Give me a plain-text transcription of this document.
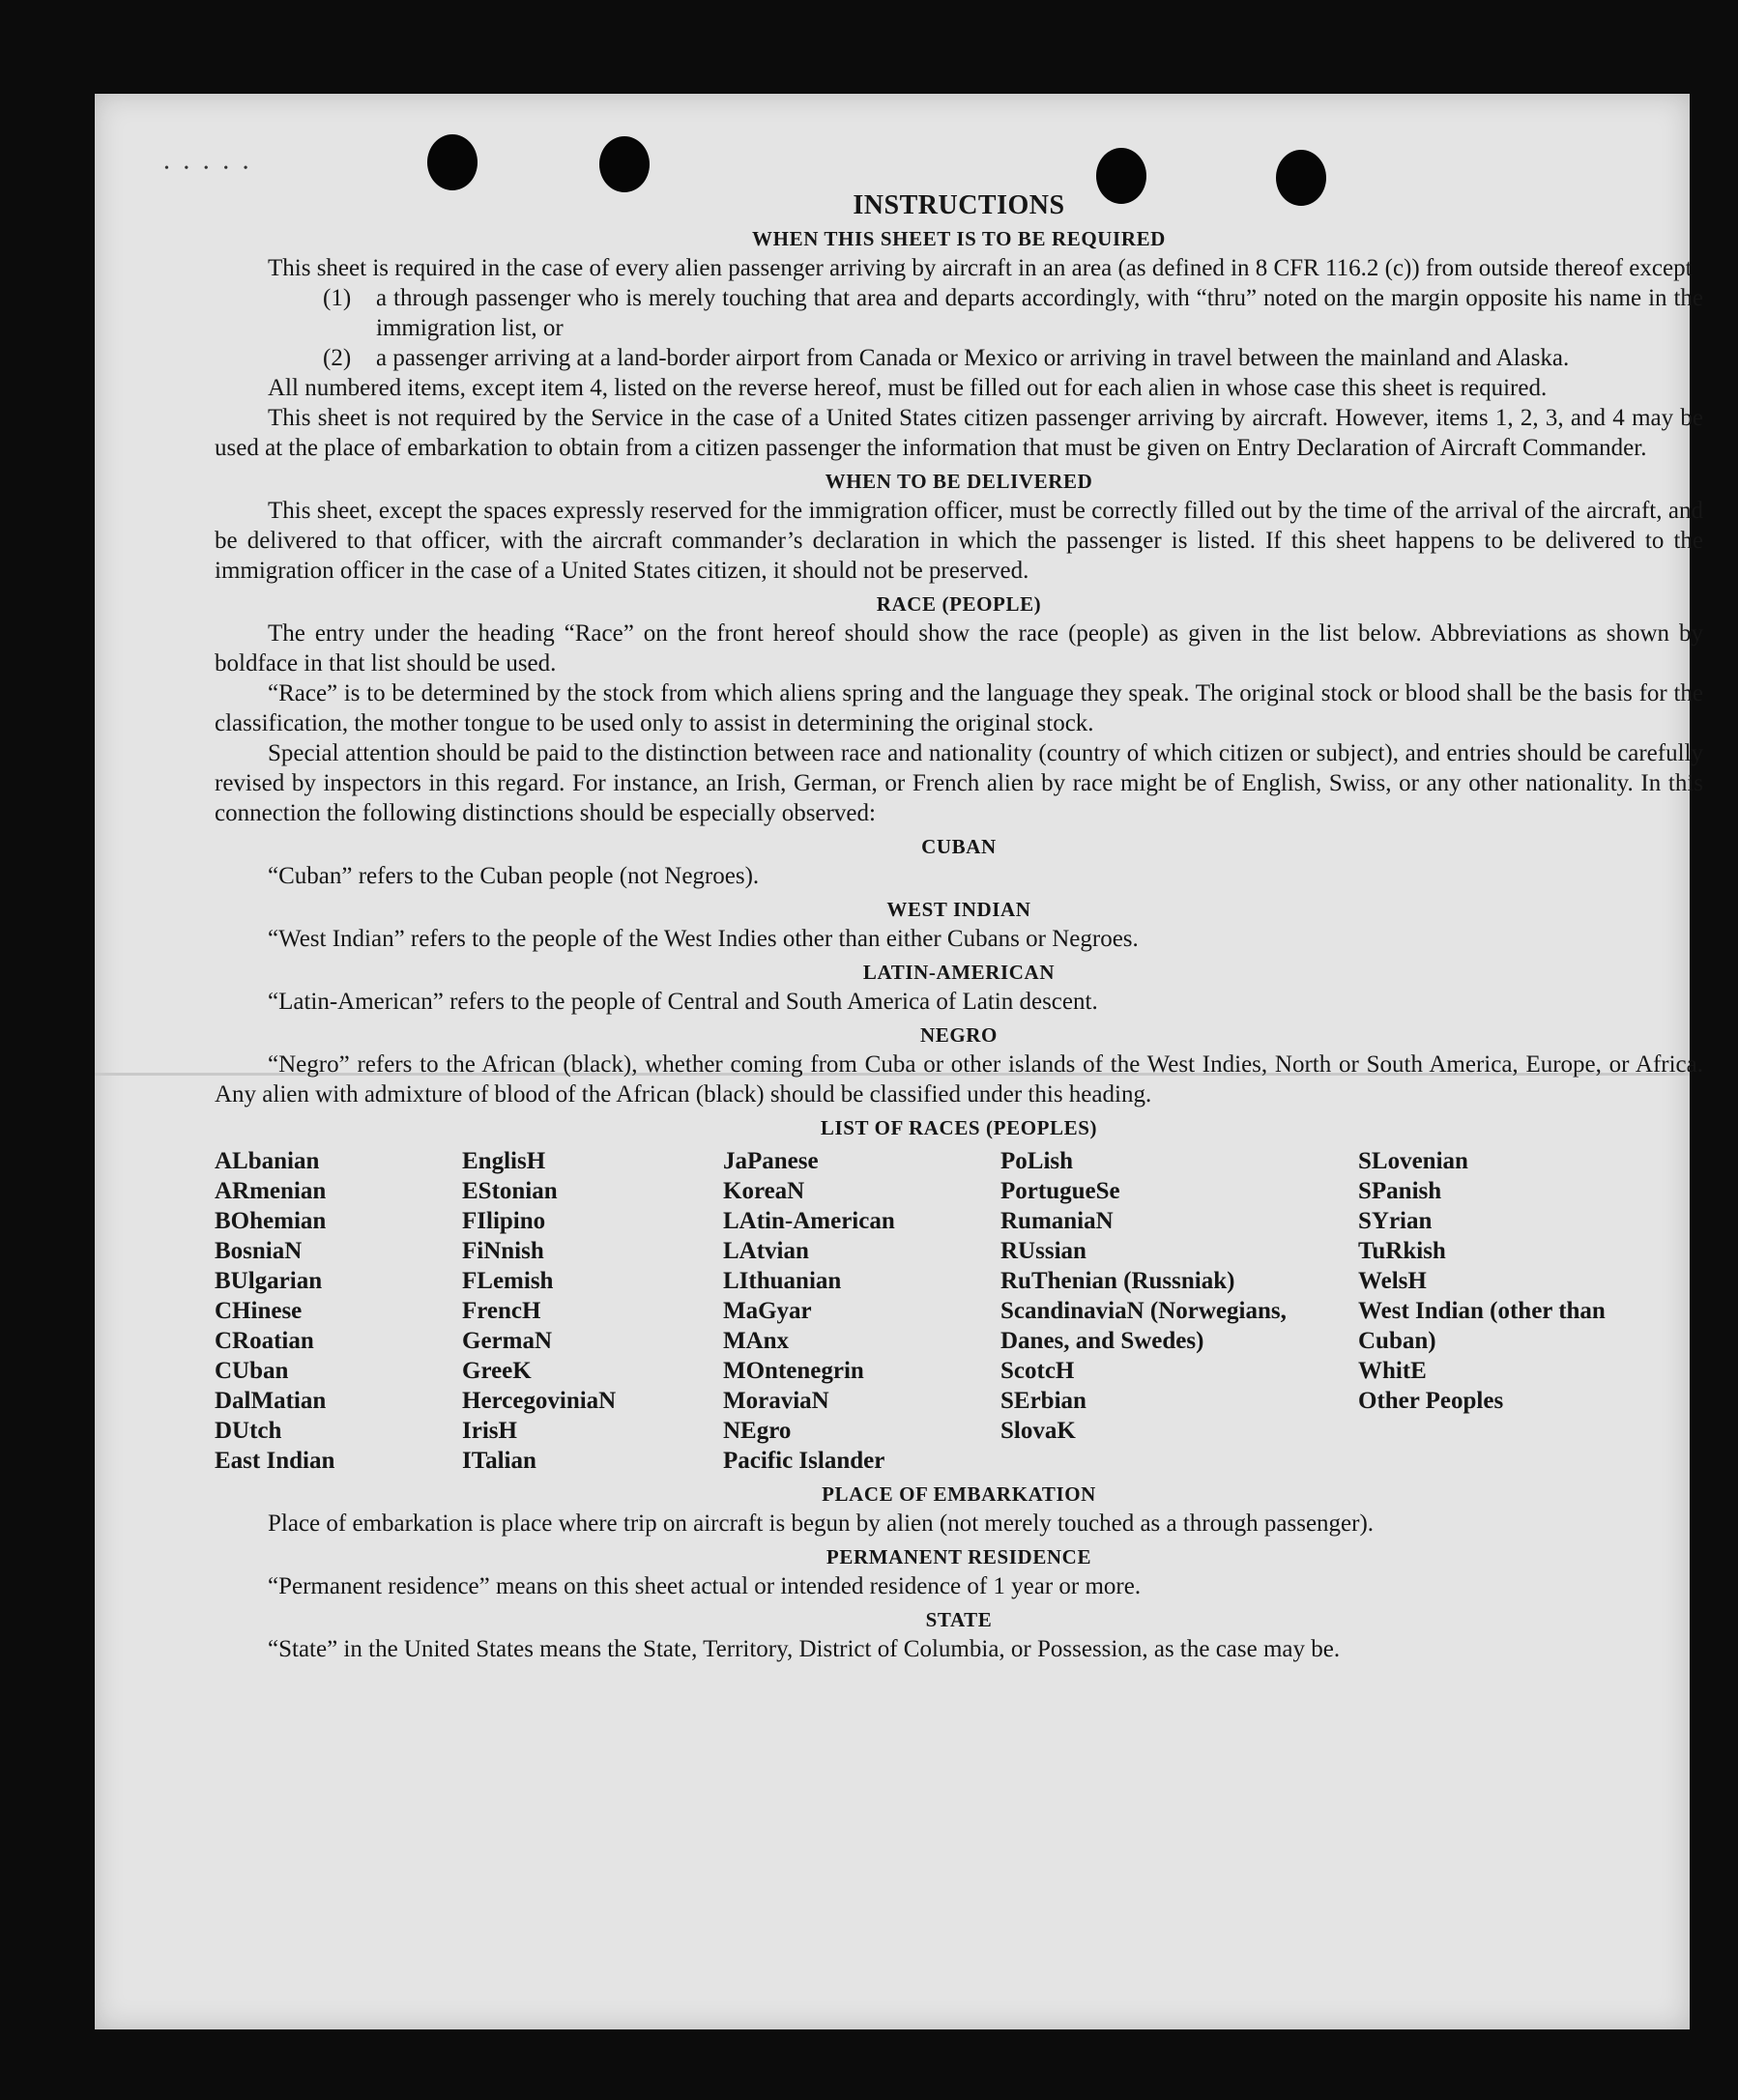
• • • • •
INSTRUCTIONS
WHEN THIS SHEET IS TO BE REQUIRED

This sheet is required in the case of every alien passenger arriving by aircraft in an area (as defined in 8 CFR 116.2 (c)) from outside thereof except

(1)	a through passenger who is merely touching that area and departs accordingly, with “thru” noted on the margin opposite his name in the immigration list, or
(2)	a passenger arriving at a land-border airport from Canada or Mexico or arriving in travel between the mainland and Alaska.

All numbered items, except item 4, listed on the reverse hereof, must be filled out for each alien in whose case this sheet is required.

This sheet is not required by the Service in the case of a United States citizen passenger arriving by aircraft. However, items 1, 2, 3, and 4 may be used at the place of embarkation to obtain from a citizen passenger the information that must be given on Entry Declaration of Aircraft Commander.

WHEN TO BE DELIVERED

This sheet, except the spaces expressly reserved for the immigration officer, must be correctly filled out by the time of the arrival of the aircraft, and be delivered to that officer, with the aircraft commander’s declaration in which the passenger is listed. If this sheet happens to be delivered to the immigration officer in the case of a United States citizen, it should not be preserved.

RACE (PEOPLE)

The entry under the heading “Race” on the front hereof should show the race (people) as given in the list below. Abbreviations as shown by boldface in that list should be used.

“Race” is to be determined by the stock from which aliens spring and the language they speak. The original stock or blood shall be the basis for the classification, the mother tongue to be used only to assist in determining the original stock.

Special attention should be paid to the distinction between race and nationality (country of which citizen or subject), and entries should be carefully revised by inspectors in this regard. For instance, an Irish, German, or French alien by race might be of English, Swiss, or any other nationality. In this connection the following distinctions should be especially observed:

CUBAN

“Cuban” refers to the Cuban people (not Negroes).

WEST INDIAN

“West Indian” refers to the people of the West Indies other than either Cubans or Negroes.

LATIN-AMERICAN

“Latin-American” refers to the people of Central and South America of Latin descent.

NEGRO

“Negro” refers to the African (black), whether coming from Cuba or other islands of the West Indies, North or South America, Europe, or Africa. Any alien with admixture of blood of the African (black) should be classified under this heading.

LIST OF RACES (PEOPLES)
ALbanian
ARmenian
BOhemian
BosniaN
BUlgarian
CHinese
CRoatian
CUban
DalMatian
DUtch
East Indian
EnglisH
EStonian
FIlipino
FiNnish
FLemish
FrencH
GermaN
GreeK
HercegoviniaN
IrisH
ITalian
JaPanese
KoreaN
LAtin-American
LAtvian
LIthuanian
MaGyar
MAnx
MOntenegrin
MoraviaN
NEgro
Pacific Islander
PoLish
PortugueSe
RumaniaN
RUssian
RuThenian (Russniak)
ScandinaviaN (Norwegians, Danes, and Swedes)
ScotcH
SErbian
SlovaK
SLovenian
SPanish
SYrian
TuRkish
WelsH
West Indian (other than Cuban)
WhitE
Other Peoples
PLACE OF EMBARKATION

Place of embarkation is place where trip on aircraft is begun by alien (not merely touched as a through passenger).

PERMANENT RESIDENCE

“Permanent residence” means on this sheet actual or intended residence of 1 year or more.

STATE

“State” in the United States means the State, Territory, District of Columbia, or Possession, as the case may be.
